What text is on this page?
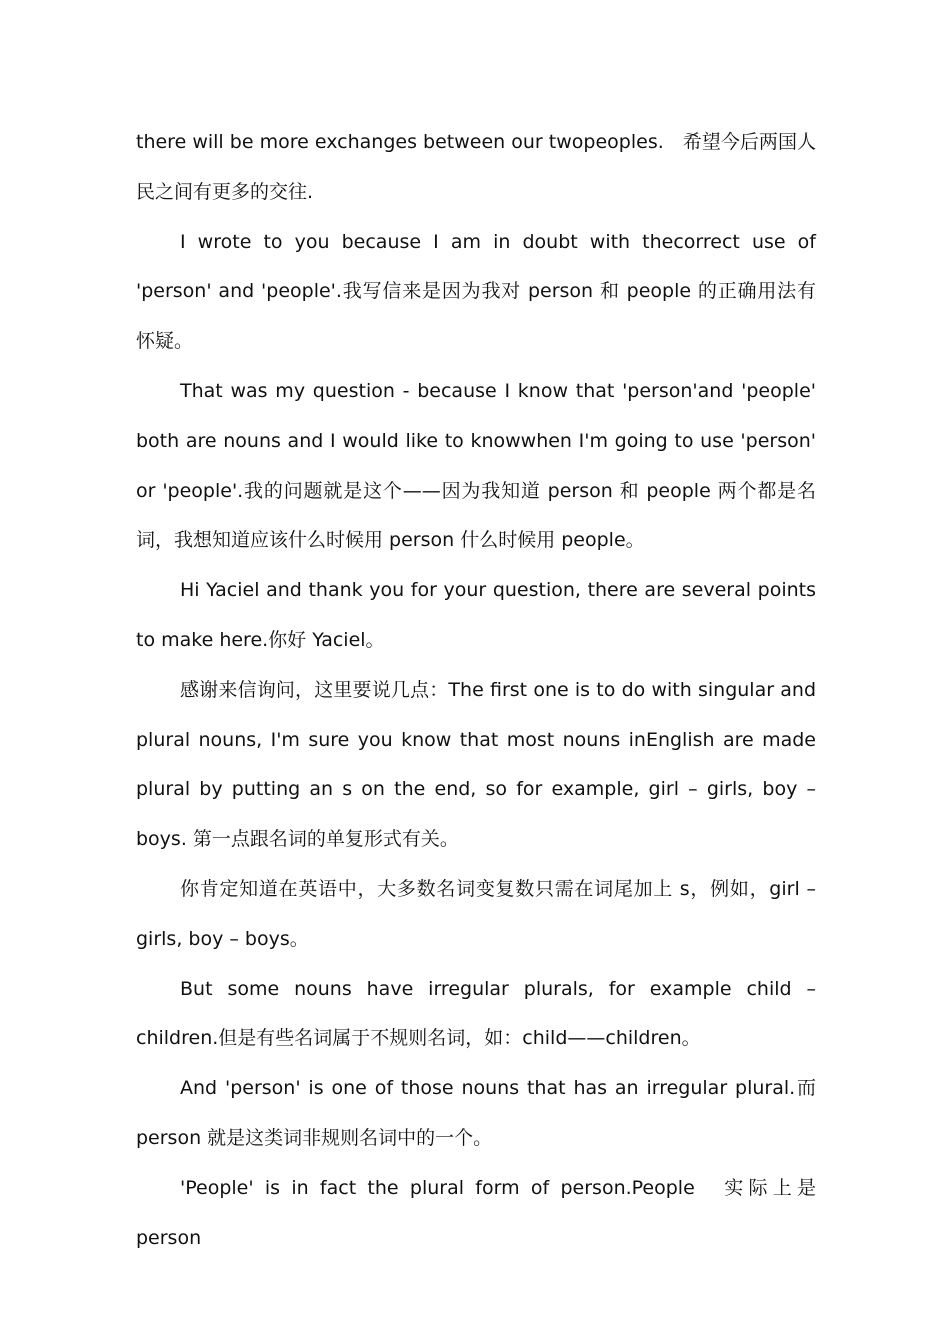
there will be more exchanges between our twopeoples.　希望今后两国人民之间有更多的交往.

I wrote to you because I am in doubt with thecorrect use of 'person' and 'people'.我写信来是因为我对 person 和 people 的正确用法有怀疑。

That was my question - because I know that 'person'and 'people' both are nouns and I would like to knowwhen I'm going to use 'person' or 'people'.我的问题就是这个——因为我知道 person 和 people 两个都是名词，我想知道应该什么时候用 person 什么时候用 people。

Hi Yaciel and thank you for your question, there are several points to make here.你好 Yaciel。

感谢来信询问，这里要说几点：The first one is to do with singular and plural nouns, I'm sure you know that most nouns inEnglish are made plural by putting an s on the end, so for example, girl – girls, boy – boys. 第一点跟名词的单复形式有关。

你肯定知道在英语中，大多数名词变复数只需在词尾加上 s，例如，girl –girls, boy – boys。

But some nouns have irregular plurals, for example child – children.但是有些名词属于不规则名词，如：child——children。

And 'person' is one of those nouns that has an irregular plural.而 person 就是这类词非规则名词中的一个。

'People' is in fact the plural form of person.People　实际上是 person
